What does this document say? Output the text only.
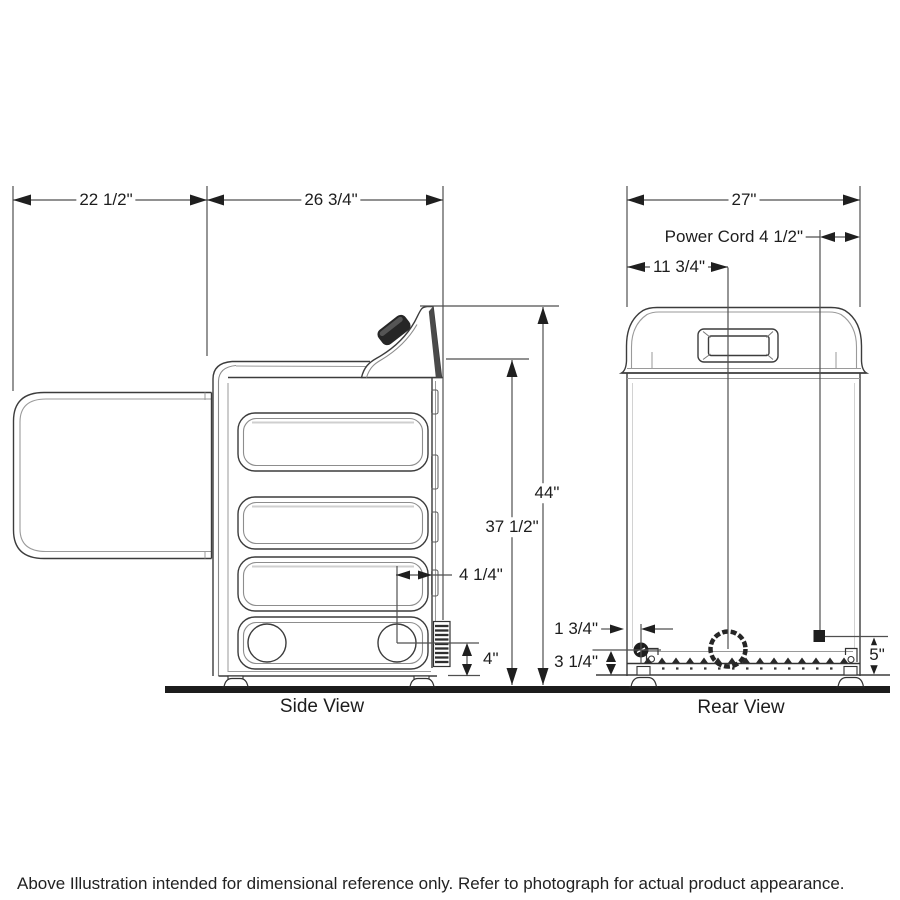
22 1/2"	26 3/4"	27"
Power Cord 4 1/2"
11 3/4"
44"
37 1/2"
4 1/4"
4"
1 3/4"
3 1/4"	5"
Side View	Rear View
Above Illustration intended for dimensional reference only. Refer to photograph for actual product appearance.
